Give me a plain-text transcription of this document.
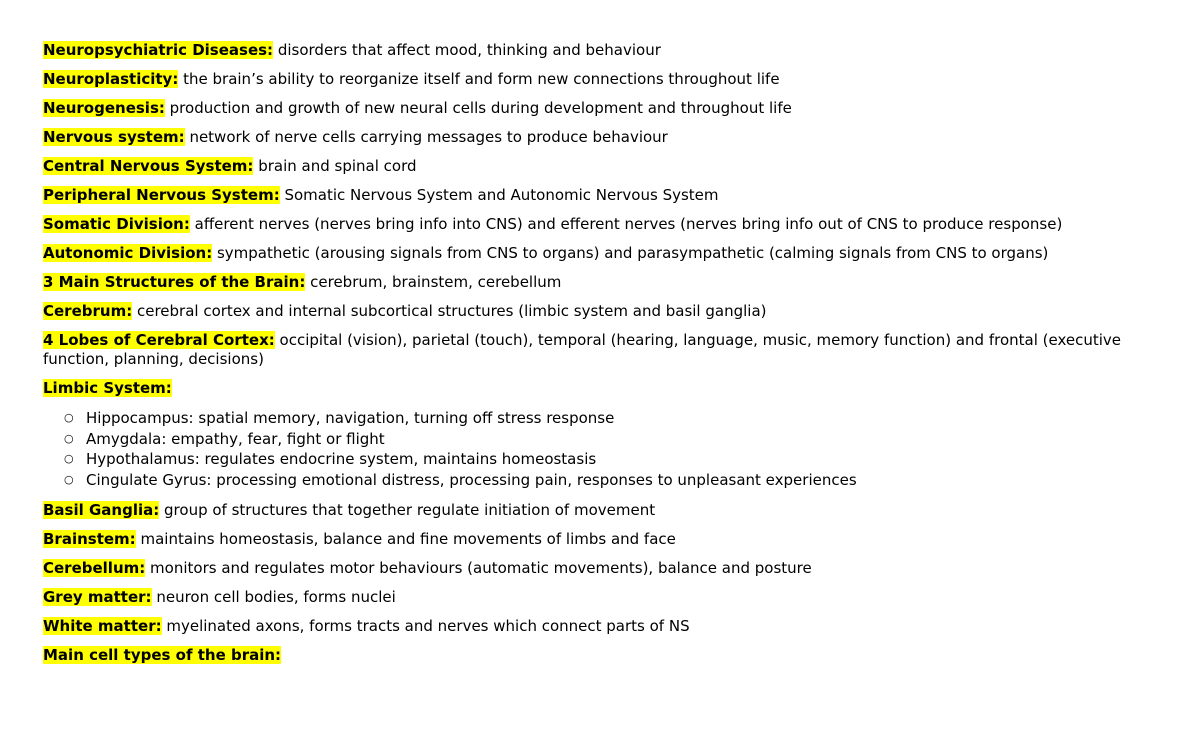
Neuropsychiatric Diseases: disorders that affect mood, thinking and behaviour

Neuroplasticity: the brain’s ability to reorganize itself and form new connections throughout life

Neurogenesis: production and growth of new neural cells during development and throughout life

Nervous system: network of nerve cells carrying messages to produce behaviour

Central Nervous System: brain and spinal cord

Peripheral Nervous System: Somatic Nervous System and Autonomic Nervous System

Somatic Division: afferent nerves (nerves bring info into CNS) and efferent nerves (nerves bring info out of CNS to produce response)

Autonomic Division: sympathetic (arousing signals from CNS to organs) and parasympathetic (calming signals from CNS to organs)

3 Main Structures of the Brain: cerebrum, brainstem, cerebellum

Cerebrum: cerebral cortex and internal subcortical structures (limbic system and basil ganglia)

4 Lobes of Cerebral Cortex: occipital (vision), parietal (touch), temporal (hearing, language, music, memory function) and frontal (executive function, planning, decisions)

Limbic System:

○ Hippocampus: spatial memory, navigation, turning off stress response
○ Amygdala: empathy, fear, fight or flight
○ Hypothalamus: regulates endocrine system, maintains homeostasis
○ Cingulate Gyrus: processing emotional distress, processing pain, responses to unpleasant experiences

Basil Ganglia: group of structures that together regulate initiation of movement

Brainstem: maintains homeostasis, balance and fine movements of limbs and face

Cerebellum: monitors and regulates motor behaviours (automatic movements), balance and posture

Grey matter: neuron cell bodies, forms nuclei

White matter: myelinated axons, forms tracts and nerves which connect parts of NS

Main cell types of the brain:
